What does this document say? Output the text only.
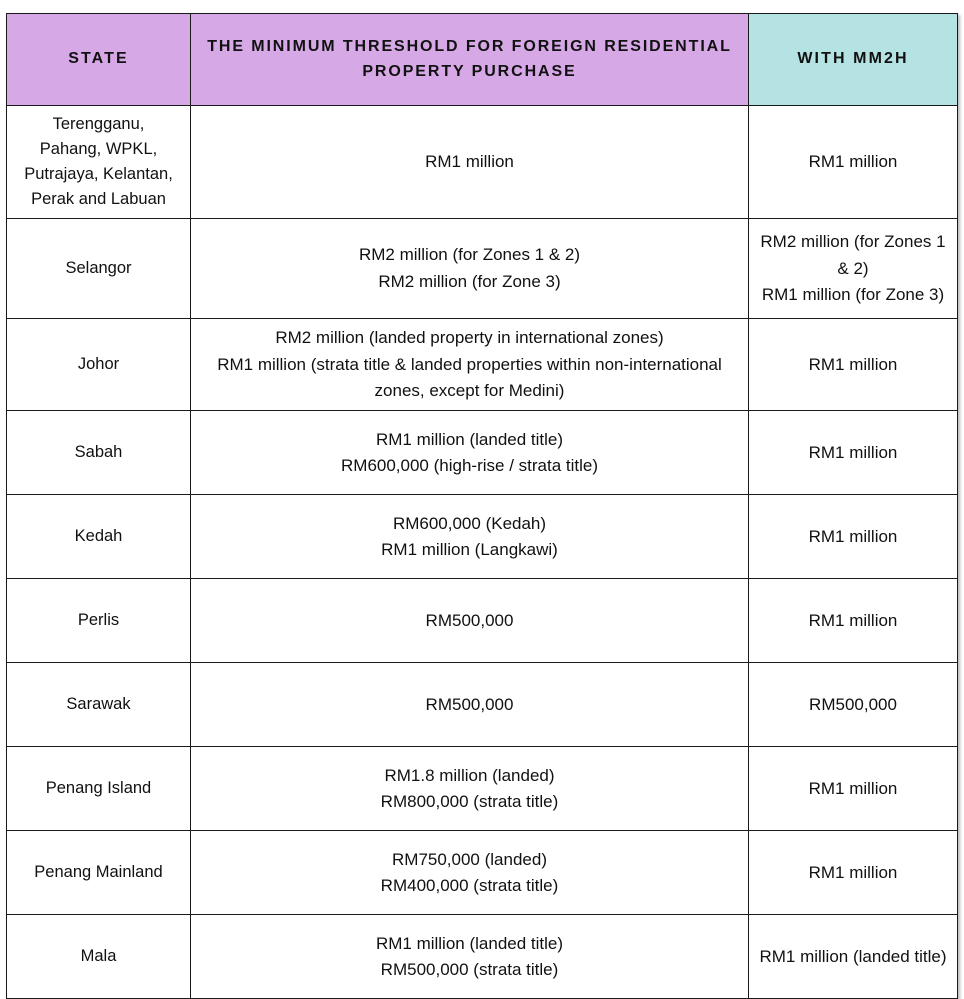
STATE	THE MINIMUM THRESHOLD FOR FOREIGN RESIDENTIAL PROPERTY PURCHASE	WITH MM2H

Terengganu,
Pahang, WPKL,
Putrajaya, Kelantan,
Perak and Labuan	RM1 million	RM1 million

Selangor	RM2 million (for Zones 1 & 2)
RM2 million (for Zone 3)	RM2 million (for Zones 1 & 2)
RM1 million (for Zone 3)

Johor	RM2 million (landed property in international zones)
RM1 million (strata title & landed properties within non-international zones, except for Medini)	RM1 million

Sabah	RM1 million (landed title)
RM600,000 (high-rise / strata title)	RM1 million

Kedah	RM600,000 (Kedah)
RM1 million (Langkawi)	RM1 million

Perlis	RM500,000	RM1 million

Sarawak	RM500,000	RM500,000

Penang Island	RM1.8 million (landed)
RM800,000 (strata title)	RM1 million

Penang Mainland	RM750,000 (landed)
RM400,000 (strata title)	RM1 million

Mala	RM1 million (landed title)
RM500,000 (strata title)	RM1 million (landed title)
